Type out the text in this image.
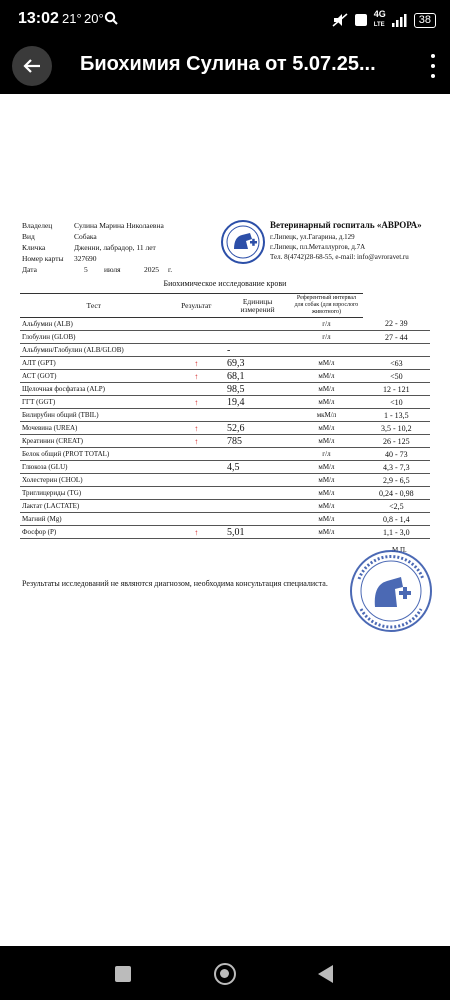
13:02 21° 20°	4G
LTE	38
Биохимия Сулина от 5.07.25...
Владелец	Сулина Марина Николаевна
Вид	Собака
Кличка	Дженни, лабрадор, 11 лет
Номер карты 327690
Дата	5 июля	2025 г.
Ветеринарный госпиталь «АВРОРА»
г.Липецк, ул.Гагарина, д.129
г.Липецк, пл.Металлургов, д.7А
Тел. 8(4742)28-68-55, e-mail: info@avroravet.ru
Биохимическое исследование крови
Тест	Результат	Единицы измерений	Референтный интервал для собак (для взрослого животного)	
Альбумин (ALB)			г/л	22 - 39
Глобулин (GLOB)			г/л	27 - 44
Альбумин/Глобулин (ALB/GLOB)		-		
АЛТ (GPT)	↑	69,3	мМ/л	<63
АСТ (GOT)	↑	68,1	мМ/л	<50
Щелочная фосфатаза (ALP)		98,5	мМ/л	12 - 121
ГГТ (GGT)	↑	19,4	мМ/л	<10
Билирубин общий (TBIL)			мкМ/л	1 - 13,5
Мочевина (UREA)	↑	52,6	мМ/л	3,5 - 10,2
Креатинин (CREAT)	↑	785	мМ/л	26 - 125
Белок общий (PROT TOTAL)			г/л	40 - 73
Глюкоза (GLU)		4,5	мМ/л	4,3 - 7,3
Холестерин (CHOL)			мМ/л	2,9 - 6,5
Триглицериды (TG)			мМ/л	0,24 - 0,98
Лактат (LACTATE)			мМ/л	<2,5
Магний (Mg)			мМ/л	0,8 - 1,4
Фосфор (P)	↑	5,01	мМ/л	1,1 - 3,0
М.П.
Результаты исследований не являются диагнозом, необходима консультация специалиста.
